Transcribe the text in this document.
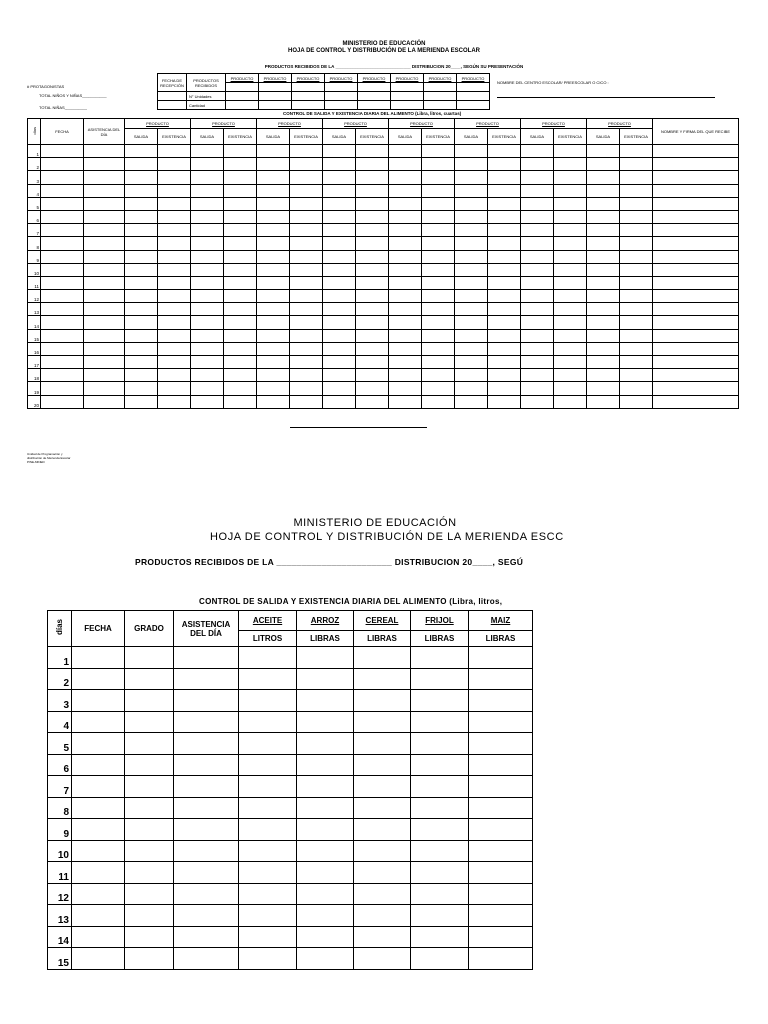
MINISTERIO DE EDUCACIÓN
HOJA DE CONTROL Y DISTRIBUCIÓN DE LA MERIENDA ESCOLAR
PRODUCTOS RECIBIDOS DE LA ______________________________ DISTRIBUCION 20____, SEGÚN SU PRESENTACIÓN
# PROTAGONISTAS
TOTAL NIÑOS Y NIÑAS___________
TOTAL NIÑAS__________
FECHA DE RECEPCIÓN	PRODUCTOS RECIBIDOS	PRODUCTO	PRODUCTO	PRODUCTO	PRODUCTO	PRODUCTO	PRODUCTO	PRODUCTO	PRODUCTO

	N° Unidades								
	Cantidad								
NOMBRE DEL CENTRO ESCOLAR/ PREESCOLAR O CICO :
CONTROL DE SALIDA Y EXISTENCIA DIARIA DEL ALIMENTO (Libra, litros, cuartas)
días	FECHA	ASISTENCIA DEL DÍA	PRODUCTO		PRODUCTO		PRODUCTO		PRODUCTO		PRODUCTO		PRODUCTO		PRODUCTO		PRODUCTO		NOMBRE Y FIRMA DEL QUE RECIBE
			SALIDA	EXISTENCIA	SALIDA	EXISTENCIA	SALIDA	EXISTENCIA	SALIDA	EXISTENCIA	SALIDA	EXISTENCIA	SALIDA	EXISTENCIA	SALIDA	EXISTENCIA	SALIDA	EXISTENCIA	
1																			
2																			
3																			
4																			
5																			
6																			
7																			
8																			
9																			
10																			
11																			
12																			
13																			
14																			
15																			
16																			
17																			
18																			
19																			
20																			
Unidad de Programación y
distribución de Merienda Escolar
PINE-MINED
MINISTERIO DE EDUCACIÓN
HOJA DE CONTROL Y DISTRIBUCIÓN DE LA MERIENDA ESCC
PRODUCTOS RECIBIDOS DE LA _______________________ DISTRIBUCION 20____, SEGÚ
CONTROL DE SALIDA Y EXISTENCIA DIARIA DEL ALIMENTO (Libra, litros,
días	FECHA	GRADO	ASISTENCIA DEL DÍA	ACEITE	ARROZ	CEREAL	FRIJOL	MAIZ
				LITROS	LIBRAS	LIBRAS	LIBRAS	LIBRAS
1								
2								
3								
4								
5								
6								
7								
8								
9								
10								
11								
12								
13								
14								
15								
